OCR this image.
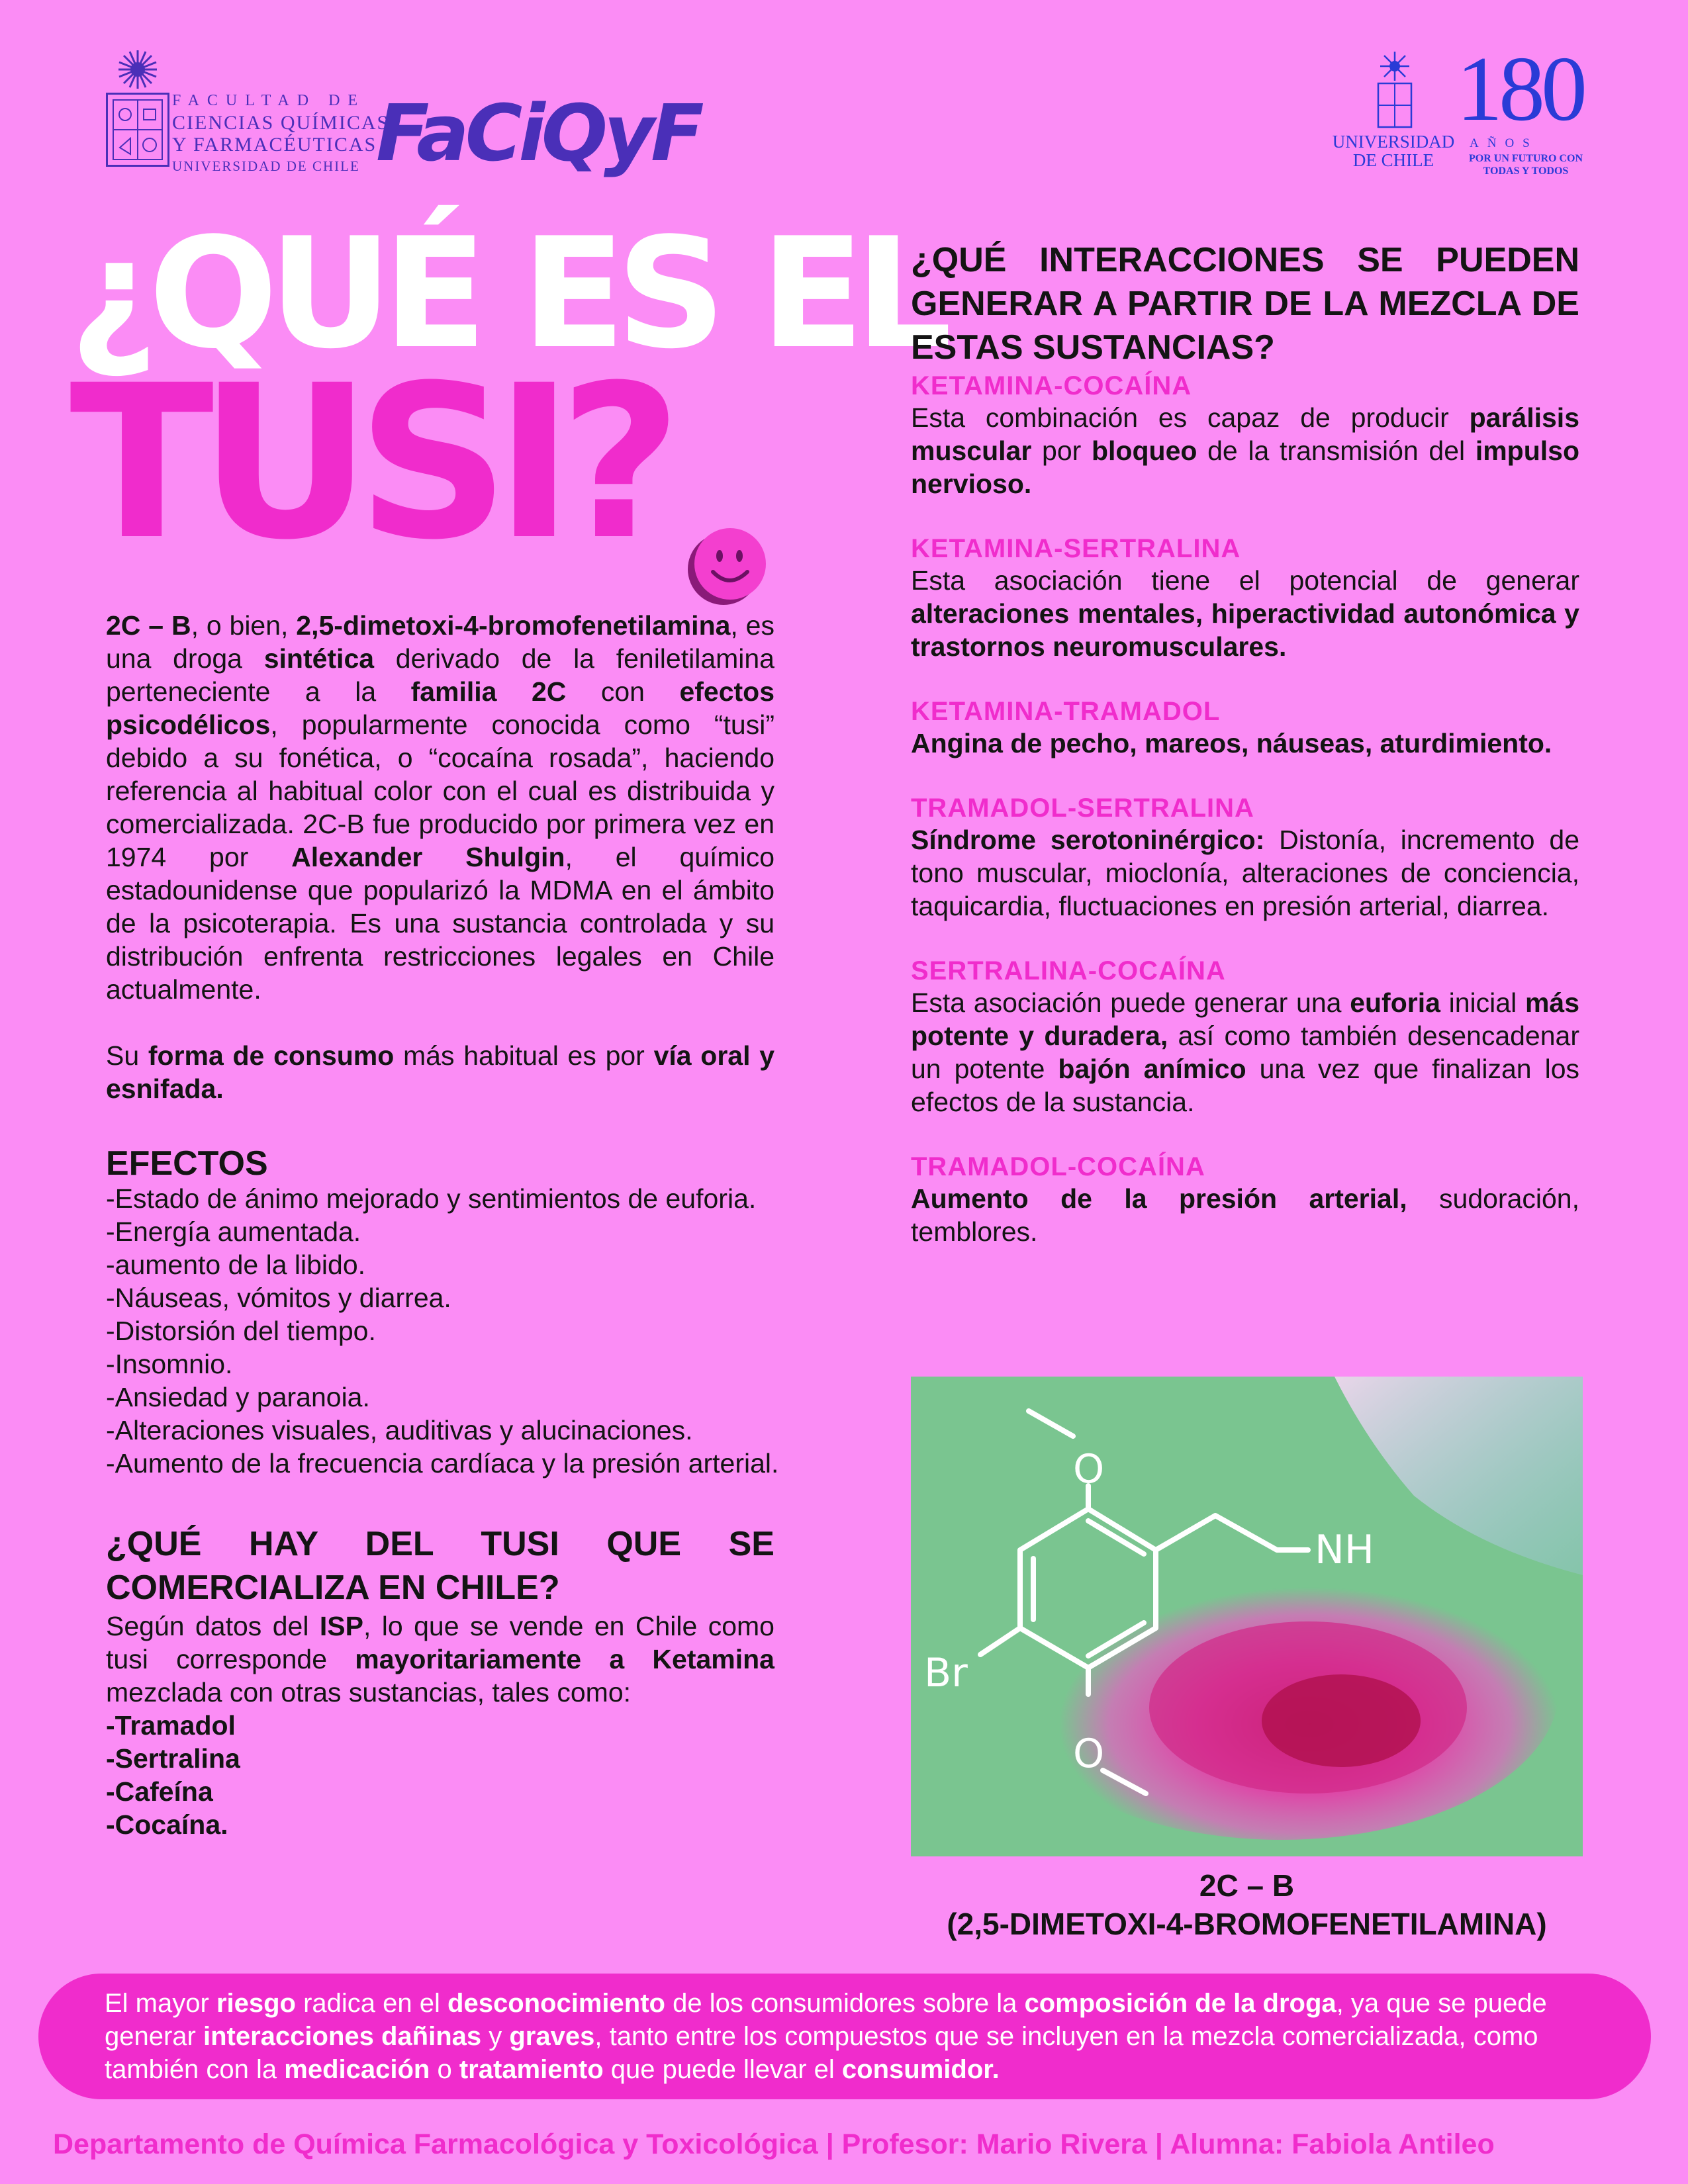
FACULTAD DE
CIENCIAS QUÍMICAS
Y FARMACÉUTICAS
UNIVERSIDAD DE CHILE FaCiQyF	UNIVERSIDAD DE CHILE
180
AÑOS
POR UN FUTURO CON TODAS Y TODOS
¿QUÉ ES EL
TUSI?

2C – B, o bien, 2,5-dimetoxi-4-bromofenetilamina, es una droga sintética derivado de la feniletilamina perteneciente a la familia 2C con efectos psicodélicos, popularmente conocida como “tusi” debido a su fonética, o “cocaína rosada”, haciendo referencia al habitual color con el cual es distribuida y comercializada. 2C-B fue producido por primera vez en 1974 por Alexander Shulgin, el químico estadounidense que popularizó la MDMA en el ámbito de la psicoterapia. Es una sustancia controlada y su distribución enfrenta restricciones legales en Chile actualmente.

Su forma de consumo más habitual es por vía oral y esnifada.

EFECTOS
-Estado de ánimo mejorado y sentimientos de euforia.
-Energía aumentada.
-aumento de la libido.
-Náuseas, vómitos y diarrea.
-Distorsión del tiempo.
-Insomnio.
-Ansiedad y paranoia.
-Alteraciones visuales, auditivas y alucinaciones.
-Aumento de la frecuencia cardíaca y la presión arterial.
¿QUÉ HAY DEL TUSI QUE SE COMERCIALIZA EN CHILE?

Según datos del ISP, lo que se vende en Chile como tusi corresponde mayoritariamente a Ketamina mezclada con otras sustancias, tales como:

-Tramadol
-Sertralina
-Cafeína
-Cocaína.
¿QUÉ INTERACCIONES SE PUEDEN GENERAR A PARTIR DE LA MEZCLA DE ESTAS SUSTANCIAS?
KETAMINA-COCAÍNA
Esta combinación es capaz de producir parálisis muscular por bloqueo de la transmisión del impulso nervioso.
KETAMINA-SERTRALINA
Esta asociación tiene el potencial de generar alteraciones mentales, hiperactividad autonómica y trastornos neuromusculares.
KETAMINA-TRAMADOL
Angina de pecho, mareos, náuseas, aturdimiento.
TRAMADOL-SERTRALINA
Síndrome serotoninérgico: Distonía, incremento de tono muscular, mioclonía, alteraciones de conciencia, taquicardia, fluctuaciones en presión arterial, diarrea.
SERTRALINA-COCAÍNA
Esta asociación puede generar una euforia inicial más potente y duradera, así como también desencadenar un potente bajón anímico una vez que finalizan los efectos de la sustancia.
TRAMADOL-COCAÍNA
Aumento de la presión arterial, sudoración, temblores.
O
NH
Br
O
2C – B
(2,5-DIMETOXI-4-BROMOFENETILAMINA)
El mayor riesgo radica en el desconocimiento de los consumidores sobre la composición de la droga, ya que se puede generar interacciones dañinas y graves, tanto entre los compuestos que se incluyen en la mezcla comercializada, como también con la medicación o tratamiento que puede llevar el consumidor.
Departamento de Química Farmacológica y Toxicológica | Profesor: Mario Rivera | Alumna: Fabiola Antileo
